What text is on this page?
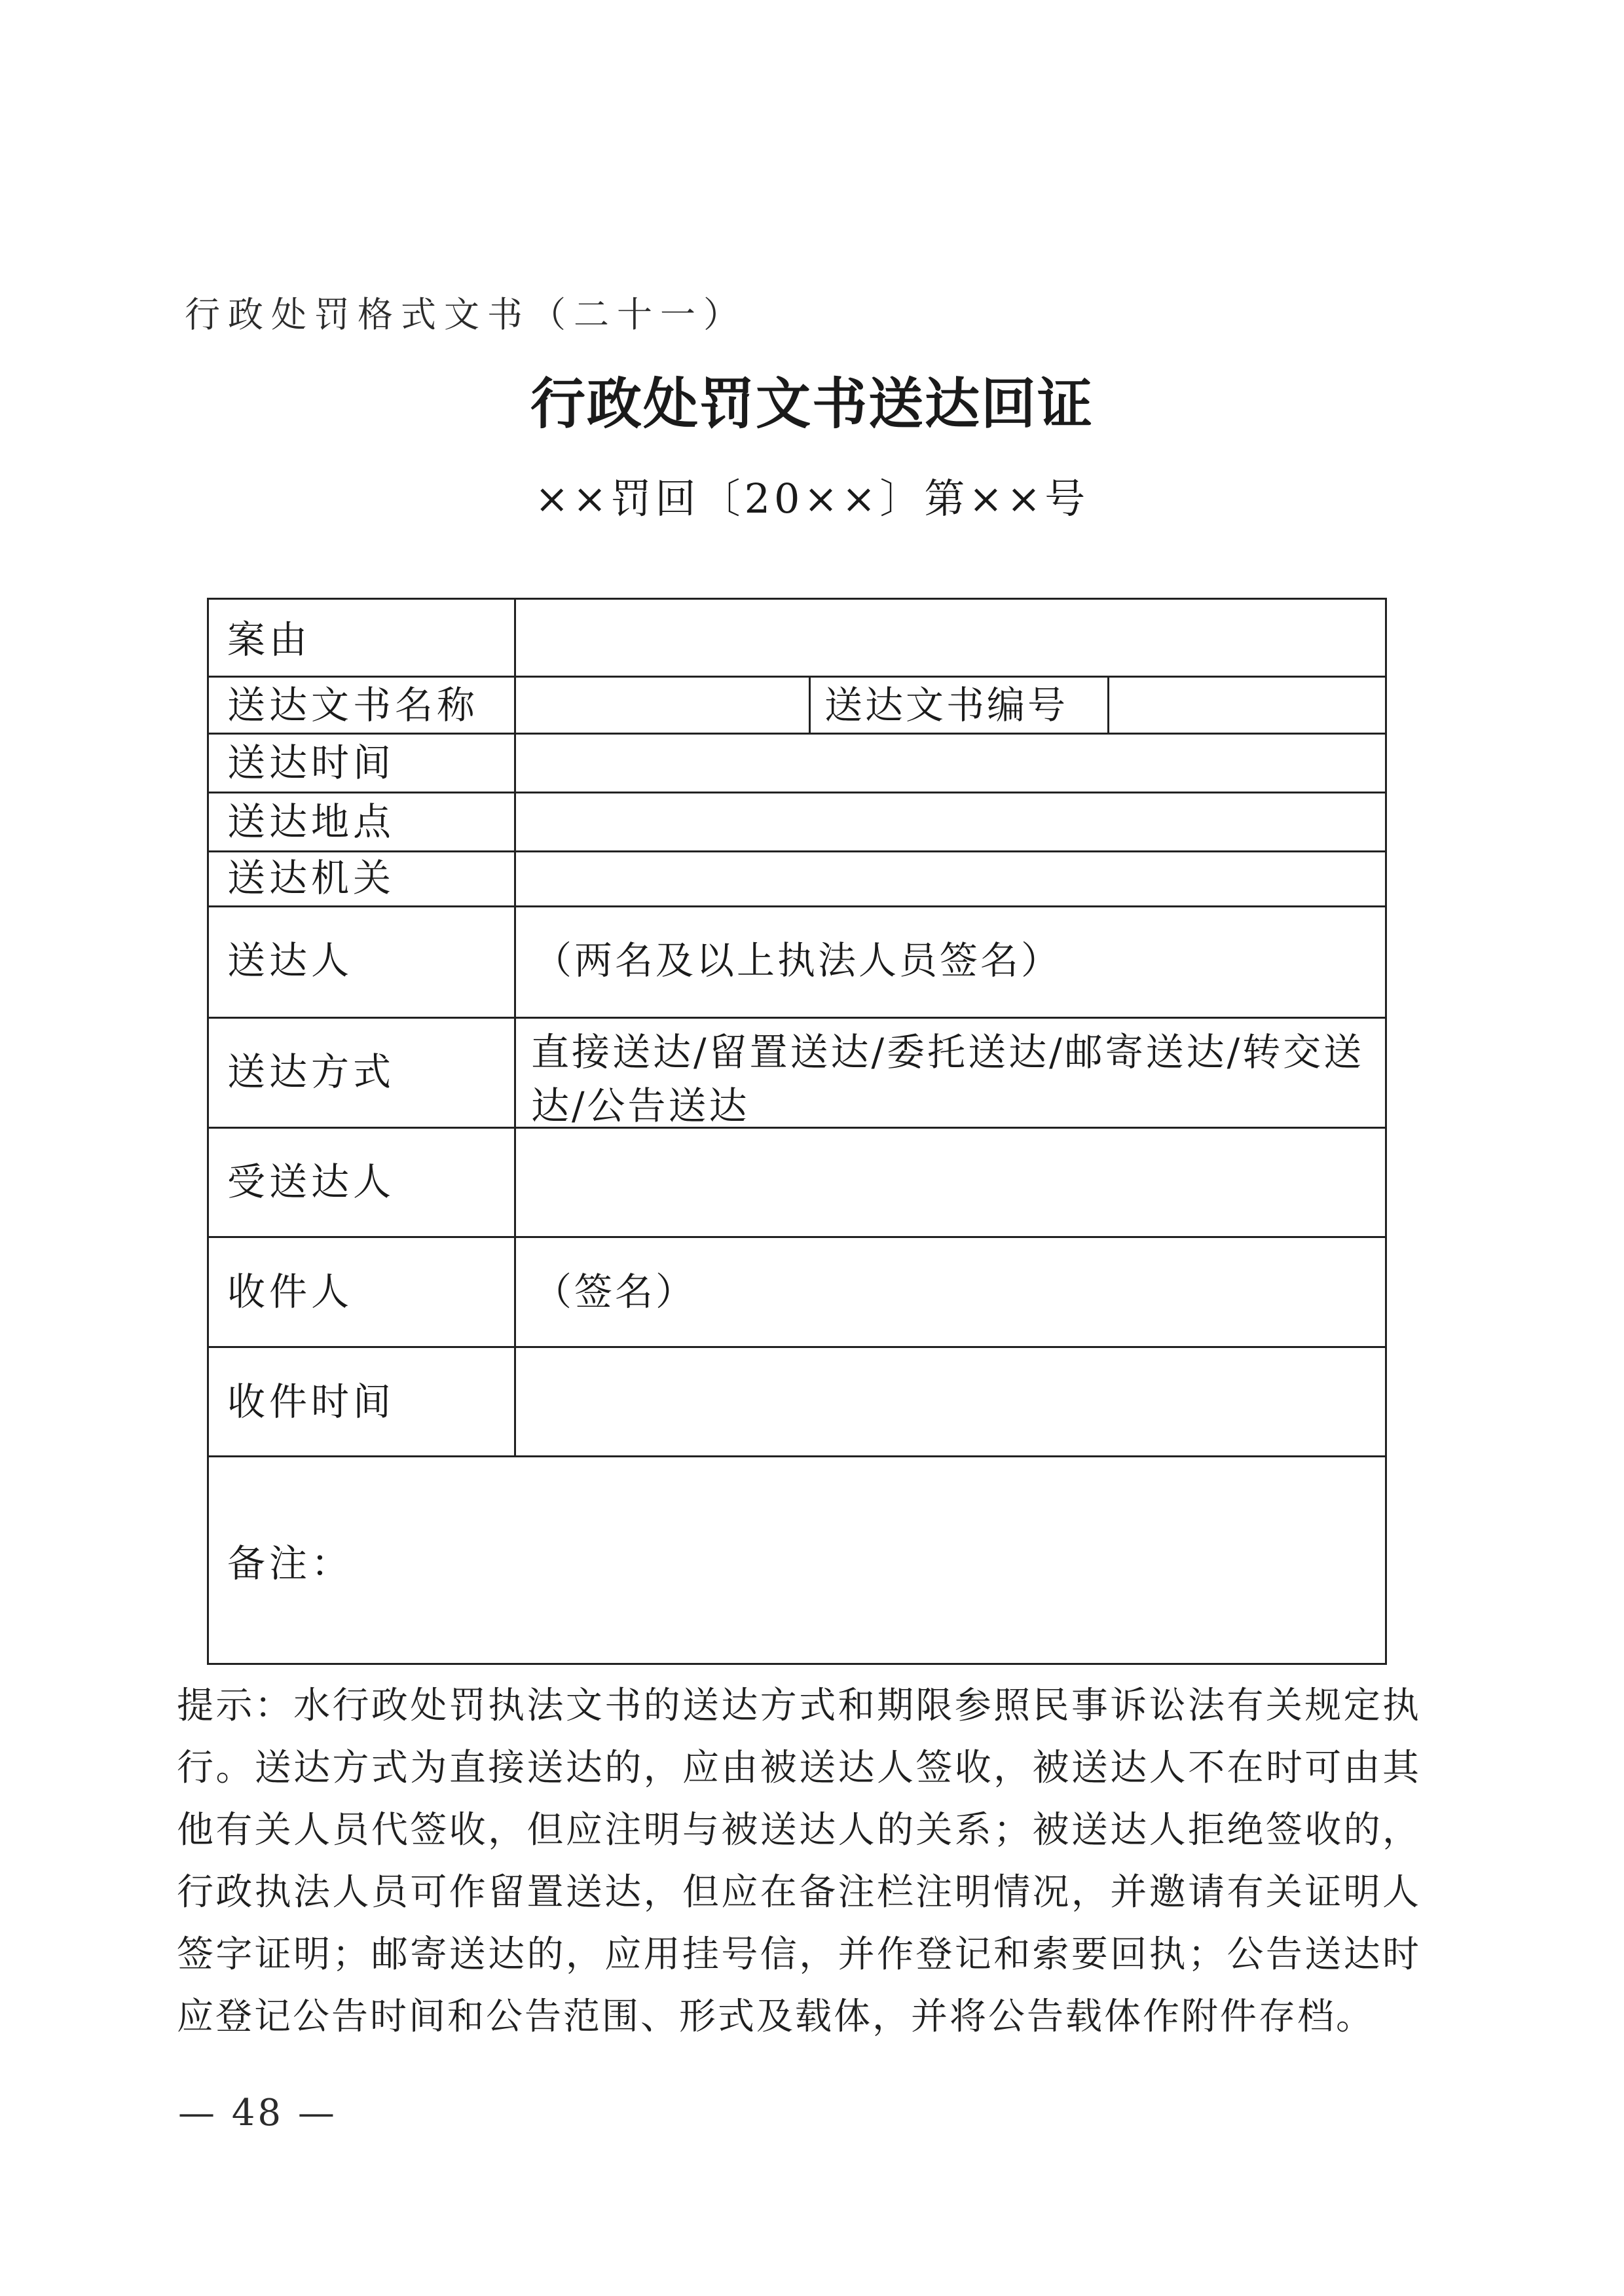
行政处罚格式文书（二十一）
行政处罚文书送达回证
××罚回〔20××〕第××号
案由
送达文书名称	送达文书编号
送达时间
送达地点
送达机关
送达人	（两名及以上执法人员签名）
送达方式	直接送达/留置送达/委托送达/邮寄送达/转交送达/公告送达
受送达人
收件人	（签名）
收件时间
备注：
提示：水行政处罚执法文书的送达方式和期限参照民事诉讼法有关规定执行。送达方式为直接送达的，应由被送达人签收，被送达人不在时可由其他有关人员代签收，但应注明与被送达人的关系；被送达人拒绝签收的，行政执法人员可作留置送达，但应在备注栏注明情况，并邀请有关证明人签字证明；邮寄送达的，应用挂号信，并作登记和索要回执；公告送达时应登记公告时间和公告范围、形式及载体，并将公告载体作附件存档。
— 48 —
